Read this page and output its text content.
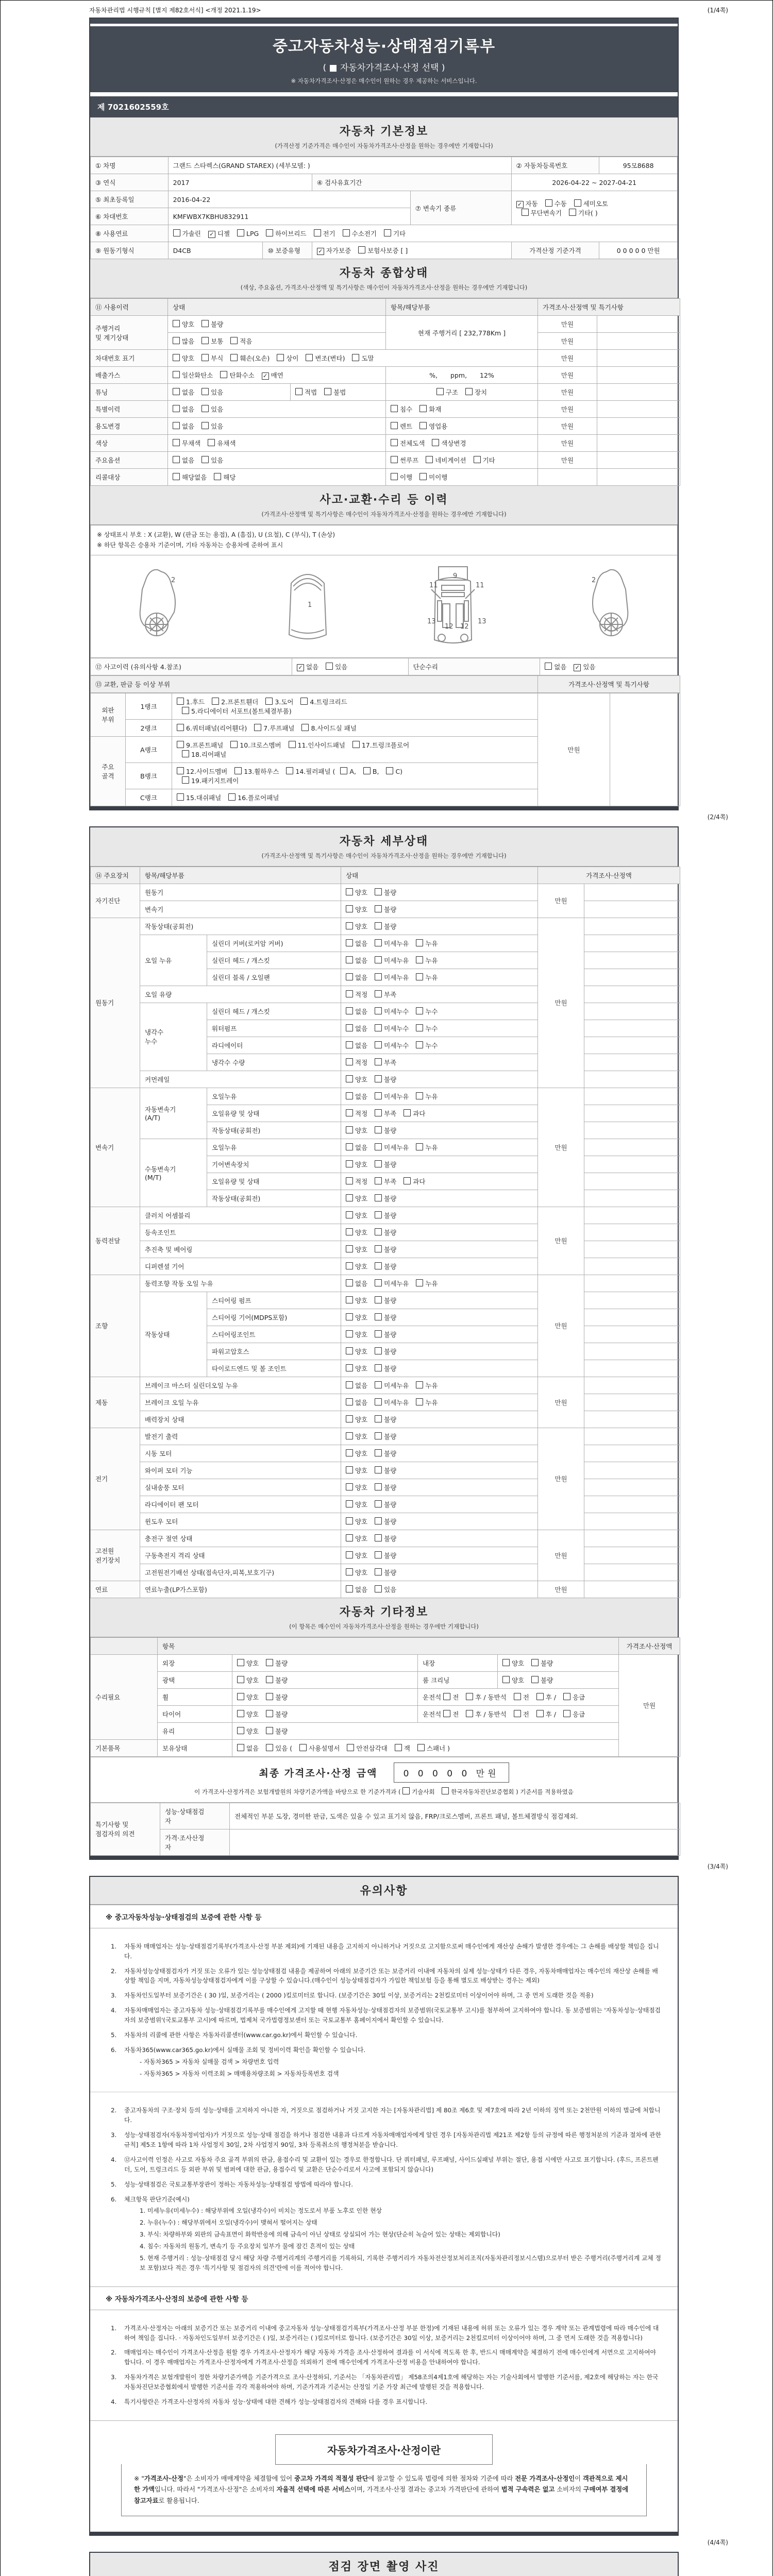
자동차관리법 시행규칙 [별지 제82호서식] <개정 2021.1.19>	(1/4쪽)
중고자동차성능·상태점검기록부
( ■ 자동차가격조사·산정 선택 )
※ 자동차가격조사·산정은 매수인이 원하는 경우 제공하는 서비스입니다.
제 7021602559호
자동차 기본정보
(가격산정 기준가격은 매수인이 자동차가격조사·산정을 원하는 경우에만 기재합니다)
① 차명	그랜드 스타렉스(GRAND STAREX) (세부모델: )				② 자동차등록번호	95모8688
③ 연식	2017		④ 검사유효기간		2026-04-22 ~ 2027-04-21	
⑤ 최초등록일	2016-04-22			⑦ 변속기 종류	✓ 자동 수동 세미오토
무단변속기 기타( )	
⑥ 차대번호	KMFWBX7KBHU832911					
⑧ 사용연료	가솔린 ✓ 디젤 LPG 하이브리드 전기 수소전기 기타					
⑨ 원동기형식	D4CB	⑩ 보증유형	✓ 자가보증 보험사보증 [ ]		가격산정 기준가격	0 0 0 0 0 만원
자동차 종합상태
(색상, 주요옵션, 가격조사·산정액 및 특기사항은 매수인이 자동차가격조사·산정을 원하는 경우에만 기재합니다)
⑪ 사용이력	상태		항목/해당부품	가격조사·산정액 및 특기사항	
주행거리
및 계기상태	양호 불량		현재 주행거리 [ 232,778Km ]	만원	
	많음 보통 적음			만원	
차대번호 표기	양호 부식 훼손(오손) 상이 변조(변타) 도말			만원	
배출가스	일산화탄소 탄화수소 ✓ 매연		%,　　ppm,　　12%	만원	
튜닝	없음 있음	적법 불법	구조 장치	만원	
특별이력	없음 있음		침수 화재	만원	
용도변경	없음 있음		렌트 영업용	만원	
색상	무채색 유채색		전체도색 색상변경	만원	
주요옵션	없음 있음		썬루프 네비게이션 기타	만원	
리콜대상	해당없음 해당		이행 미이행		
사고·교환·수리 등 이력
(가격조사·산정액 및 특기사항은 매수인이 자동차가격조사·산정을 원하는 경우에만 기재합니다)
※ 상태표시 부호 : X (교환), W (판금 또는 용접), A (흠집), U (요철), C (부식), T (손상)
※ 하단 항목은 승용차 기준이며, 기타 자동차는 승용차에 준하여 표시
2
1
9
11	11
13	13
12 12
2
⑫ 사고이력 (유의사항 4.참조)	✓ 없음 있음	단순수리	없음 ✓ 있음
⑬ 교환, 판금 등 이상 부위	가격조사·산정액 및 특기사항
외판
부위	1랭크	1.후드 2.프론트휀더 3.도어 4.트렁크리드
5.라디에이터 서포트(볼트체결부품)	만원	
	2랭크	6.쿼터패널(리어휀다) 7.루프패널 8.사이드실 패널		
주요
골격	A랭크	9.프론트패널 10.크로스멤버 11.인사이드패널 17.트렁크플로어
18.리어패널		
	B랭크	12.사이드멤버 13.휠하우스 14.필러패널 ( A, B, C)
19.패키지트레이		
	C랭크	15.대쉬패널 16.플로어패널		
(2/4쪽)
자동차 세부상태
(가격조사·산정액 및 특기사항은 매수인이 자동차가격조사·산정을 원하는 경우에만 기재합니다)
⑭ 주요장치	항목/해당부품		상태	가격조사·산정액	
자기진단	원동기		양호 불량	만원	
	변속기		양호 불량		
원동기	작동상태(공회전)		양호 불량	만원	
	오일 누유	실린더 커버(로커암 커버)	없음 미세누유 누유		
		실린더 헤드 / 개스킷	없음 미세누유 누유		
		실린더 블록 / 오일팬	없음 미세누유 누유		
	오일 유량		적정 부족		
	냉각수
누수	실린더 헤드 / 개스킷	없음 미세누수 누수		
		워터펌프	없음 미세누수 누수		
		라디에이터	없음 미세누수 누수		
		냉각수 수량	적정 부족		
	커먼레일		양호 불량		
변속기	자동변속기
(A/T)	오일누유	없음 미세누유 누유	만원	
		오일유량 및 상태	적정 부족 과다		
		작동상태(공회전)	양호 불량		
	수동변속기
(M/T)	오일누유	없음 미세누유 누유		
		기어변속장치	양호 불량		
		오일유량 및 상태	적정 부족 과다		
		작동상태(공회전)	양호 불량		
동력전달	클러치 어셈블리		양호 불량	만원	
	등속조인트		양호 불량		
	추진축 및 베어링		양호 불량		
	디퍼렌셜 기어		양호 불량		
조향	동력조향 작동 오일 누유		없음 미세누유 누유	만원	
	작동상태	스티어링 펌프	양호 불량		
		스티어링 기어(MDPS포함)	양호 불량		
		스티어링조인트	양호 불량		
		파워고압호스	양호 불량		
		타이로드엔드 및 볼 조인트	양호 불량		
제동	브레이크 마스터 실린더오일 누유		없음 미세누유 누유	만원	
	브레이크 오일 누유		없음 미세누유 누유		
	배력장치 상태		양호 불량		
전기	발전기 출력		양호 불량	만원	
	시동 모터		양호 불량		
	와이퍼 모터 기능		양호 불량		
	실내송풍 모터		양호 불량		
	라디에이터 팬 모터		양호 불량		
	윈도우 모터		양호 불량		
고전원
전기장치	충전구 절연 상태		양호 불량	만원	
	구동축전지 격리 상태		양호 불량		
	고전원전기배선 상태(접속단자,피복,보호기구)		양호 불량		
연료	연료누출(LP가스포함)		없음 있음	만원	
자동차 기타정보
(이 항목은 매수인이 자동차가격조사·산정을 원하는 경우에만 기재합니다)
	항목				가격조사·산정액
수리필요	외장	양호 불량	내장	양호 불량	만원
	광택	양호 불량	룸 크리닝	양호 불량	
	휠	양호 불량	운전석 전 후 / 동반석 전 후 / 응급		
	타이어	양호 불량	운전석 전 후 / 동반석 전 후 / 응급		
	유리	양호 불량			
기본품목	보유상태	없음 있음 ( 사용설명서 안전삼각대 잭 스패너 )			
최종 가격조사·산정 금액	0 0 0 0 0 만원
이 가격조사·산정가격은 보험개발원의 차량기준가액을 바탕으로 한 기준가격과 ( 기술사회 한국자동차진단보증협회 ) 기준서를 적용하였음
특기사항 및
점검자의 의견	성능·상태점검
자	전체적인 부분 도장, 경미한 판금, 도색은 있을 수 있고 표기치 않음, FRP/크로스멤버, 프론트 패널, 볼트체결방식 점검제외.
	가격·조사산정
자	
(3/4쪽)
유의사항
※ 중고자동차성능·상태점검의 보증에 관한 사항 등
1.	자동차 매매업자는 성능·상태점검기록부(가격조사·산정 부분 제외)에 기재된 내용을 고지하지 아니하거나 거짓으로 고지함으로써 매수인에게 재산상 손해가 발생한 경우에는 그 손해를 배상할 책임을 집니다.
2.	자동차성능상태점검자가 거짓 또는 오류가 있는 성능상태점검 내용을 제공하여 아래의 보증기간 또는 보증거리 이내에 자동차의 실제 성능·상태가 다른 경우, 자동차매매업자는 매수인의 재산상 손해를 배상할 책임을 지며, 자동차성능상태점검자에게 이를 구상할 수 있습니다.(매수인이 성능상태점검자가 가입한 책임보험 등을 통해 별도로 배상받는 경우는 제외)
3.	자동차인도일부터 보증기간은 ( 30 )일, 보증거리는 ( 2000 )킬로미터로 합니다. (보증기간은 30일 이상, 보증거리는 2천킬로미터 이상이어야 하며, 그 중 먼저 도래한 것을 적용)
4.	자동차매매업자는 중고자동차 성능·상태점검기록부를 매수인에게 고지할 때 현행 자동차성능·상태점검자의 보증범위(국토교통부 고시)를 첨부하여 고지하여야 합니다. 동 보증범위는 '자동차성능·상태점검자의 보증범위'(국토교통부 고시)에 따르며, 법제처 국가법령정보센터 또는 국토교통부 홈페이지에서 확인할 수 있습니다.
5.	자동차의 리콜에 관한 사항은 자동차리콜센터(www.car.go.kr)에서 확인할 수 있습니다.
6.	자동차365(www.car365.go.kr)에서 실매물 조회 및 정비이력 확인을 확인할 수 있습니다.
- 자동차365 > 자동차 실매물 검색 > 차량번호 입력
- 자동차365 > 자동차 이력조회 > 매매용차량조회 > 자동차등록번호 검색
2.	중고자동차의 구조·장치 등의 성능·상태를 고지하지 아니한 자, 거짓으로 점검하거나 거짓 고지한 자는 [자동차관리법] 제 80조 제6호 및 제7호에 따라 2년 이하의 징역 또는 2천만원 이하의 벌금에 처합니다.
3.	성능·상태점검자(자동차정비업자)가 거짓으로 성능·상태 점검을 하거나 점검한 내용과 다르게 자동차매매업자에게 알린 경우 [자동차관리법 제21조 제2항 등의 규정에 따른 행정처분의 기준과 절차에 관한 규칙] 제5조 1항에 따라 1차 사업정지 30일, 2차 사업정지 90일, 3차 등록취소의 행정처분을 받습니다.
4.	⑫사고이력 인정은 사고로 자동차 주요 골격 부위의 판금, 용접수리 및 교환이 있는 경우로 한정합니다. 단 쿼터패널, 루프패널, 사이드실패널 부위는 절단, 용접 시에만 사고로 표기합니다. (후드, 프론트펜더, 도어, 트렁크리드 등 외판 부위 및 범퍼에 대한 판금, 용접수리 및 교환은 단순수리로서 사고에 포함되지 않습니다)
5.	성능·상태점검은 국토교통부장관이 정하는 자동차성능·상태점검 방법에 따라야 합니다.
6.	체크항목 판단기준(예시)
1. 미세누유(미세누수) : 해당부위에 오일(냉각수)이 비치는 정도로서 부품 노후로 인한 현상
2. 누유(누수) : 해당부위에서 오일(냉각수)이 맺혀서 떨어지는 상태
3. 부식: 차량하부와 외판의 금속표면이 화학반응에 의해 금속이 아닌 상태로 상실되어 가는 현상(단순히 녹슬어 있는 상태는 제외합니다)
4. 침수: 자동차의 원동기, 변속기 등 주요장치 일부가 물에 잠긴 흔적이 있는 상태
5. 현재 주행거리 : 성능·상태점검 당시 해당 차량 주행거리계의 주행거리를 기록하되, 기록한 주행거리가 자동차전산정보처리조직(자동차관리정보시스템)으로부터 받은 주행거리(주행거리계 교체 정보 포함)보다 적은 경우 '특기사항 및 점검자의 의견'란에 이를 적어야 합니다.
※ 자동차가격조사·산정의 보증에 관한 사항 등
1.	가격조사·산정자는 아래의 보증기간 또는 보증거리 이내에 중고자동차 성능·상태점검기록부(가격조사·산정 부분 한정)에 기재된 내용에 허위 또는 오류가 있는 경우 계약 또는 관계법령에 따라 매수인에 대하여 책임을 집니다. · 자동차인도일부터 보증기간은 ( )일, 보증거리는 ( )킬로미터로 합니다. (보증기간은 30일 이상, 보증거리는 2천킬로미터 이상이어야 하며, 그 중 먼저 도래한 것을 적용합니다)
2.	매매업자는 매수인이 가격조사·산정을 원할 경우 가격조사·산정자가 해당 자동차 가격을 조사·산정하여 결과를 이 서식에 적도록 한 후, 반드시 매매계약을 체결하기 전에 매수인에게 서면으로 고지하여야 합니다. 이 경우 매매업자는 가격조사·산정자에게 가격조사·산정을 의뢰하기 전에 매수인에게 가격조사·산정 비용을 안내하여야 합니다.
3.	자동차가격은 보험개발원이 정한 차량기준가액을 기준가격으로 조사·산정하되, 기준서는 「자동차관리법」 제58조의4제1호에 해당하는 자는 기술사회에서 발행한 기준서를, 제2호에 해당하는 자는 한국자동차진단보증협회에서 발행한 기준서를 각각 적용하여야 하며, 기준가격과 기준서는 산정일 기준 가장 최근에 발행된 것을 적용합니다.
4.	특기사항란은 가격조사·산정자의 자동차 성능·상태에 대한 견해가 성능·상태점검자의 견해와 다를 경우 표시합니다.
자동차가격조사·산정이란
※ "가격조사·산정"은 소비자가 매매계약을 체결함에 있어 중고차 가격의 적절성 판단에 참고할 수 있도록 법령에 의한 절차와 기준에 따라 전문 가격조사·산정인이 객관적으로 제시한 가액입니다. 따라서 "가격조사·산정"은 소비자의 자율적 선택에 따른 서비스이며, 가격조사·산정 결과는 중고차 가격판단에 관하여 법적 구속력은 없고 소비자의 구매여부 결정에 참고자료로 활용됩니다.
(4/4쪽)
점검 장면 촬영 사진
